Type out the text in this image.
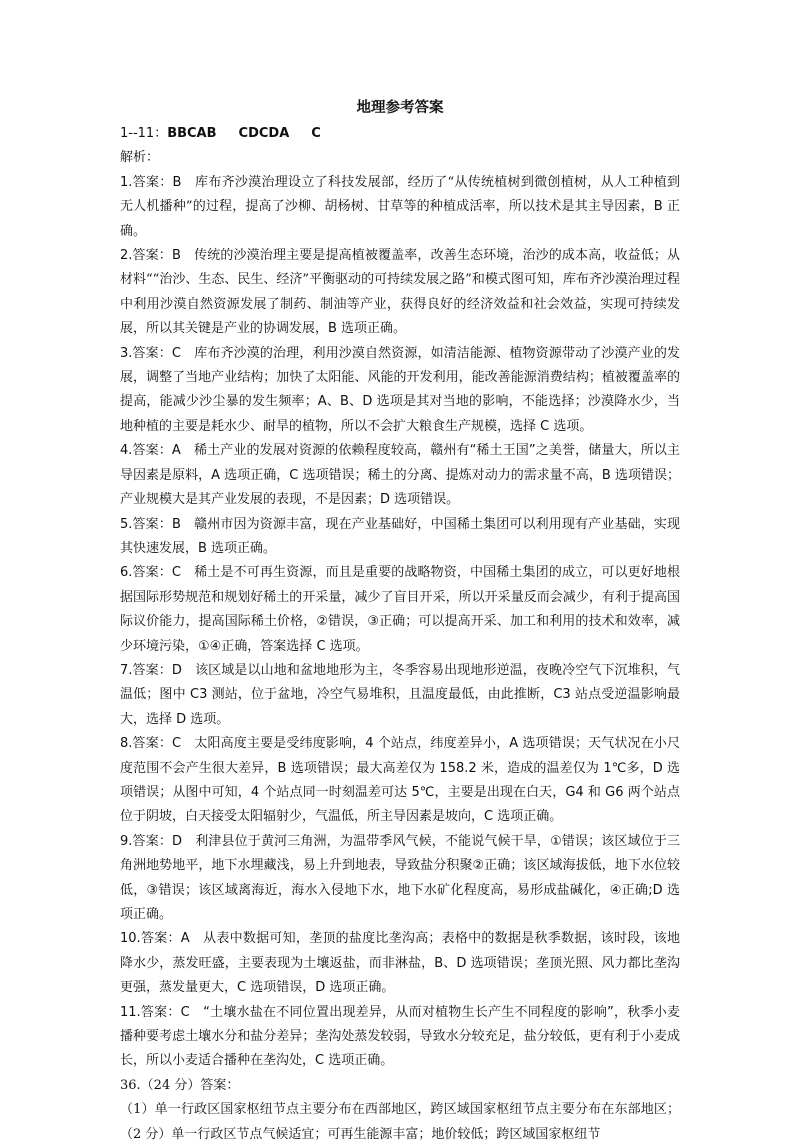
地理参考答案
1--11：BBCAB CDCDA C
解析：
1.答案：B　库布齐沙漠治理设立了科技发展部，经历了“从传统植树到微创植树，从人工种植到无人机播种”的过程，提高了沙柳、胡杨树、甘草等的种植成活率，所以技术是其主导因素，B 正确。
2.答案：B　传统的沙漠治理主要是提高植被覆盖率，改善生态环境，治沙的成本高，收益低；从材料““治沙、生态、民生、经济”平衡驱动的可持续发展之路”和模式图可知，库布齐沙漠治理过程中利用沙漠自然资源发展了制药、制油等产业，获得良好的经济效益和社会效益，实现可持续发展，所以其关键是产业的协调发展，B 选项正确。
3.答案：C　库布齐沙漠的治理，利用沙漠自然资源，如清洁能源、植物资源带动了沙漠产业的发展，调整了当地产业结构；加快了太阳能、风能的开发利用，能改善能源消费结构；植被覆盖率的提高，能减少沙尘暴的发生频率；A、B、D 选项是其对当地的影响，不能选择；沙漠降水少，当地种植的主要是耗水少、耐旱的植物，所以不会扩大粮食生产规模，选择 C 选项。
4.答案：A　稀土产业的发展对资源的依赖程度较高，赣州有“稀土王国”之美誉，储量大，所以主导因素是原料，A 选项正确，C 选项错误；稀土的分离、提炼对动力的需求量不高，B 选项错误；产业规模大是其产业发展的表现，不是因素；D 选项错误。
5.答案：B　赣州市因为资源丰富，现在产业基础好，中国稀土集团可以利用现有产业基础，实现其快速发展，B 选项正确。
6.答案：C　稀土是不可再生资源，而且是重要的战略物资，中国稀土集团的成立，可以更好地根据国际形势规范和规划好稀土的开采量，减少了盲目开采，所以开采量反而会减少，有利于提高国际议价能力，提高国际稀土价格，②错误，③正确；可以提高开采、加工和利用的技术和效率，减少环境污染，①④正确，答案选择 C 选项。
7.答案：D　该区域是以山地和盆地地形为主，冬季容易出现地形逆温，夜晚冷空气下沉堆积，气温低；图中 C3 测站，位于盆地，冷空气易堆积，且温度最低，由此推断，C3 站点受逆温影响最大，选择 D 选项。
8.答案：C　太阳高度主要是受纬度影响，4 个站点，纬度差异小，A 选项错误；天气状况在小尺度范围不会产生很大差异，B 选项错误；最大高差仅为 158.2 米，造成的温差仅为 1℃多，D 选项错误；从图中可知，4 个站点同一时刻温差可达 5℃，主要是出现在白天，G4 和 G6 两个站点位于阴坡，白天接受太阳辐射少，气温低，所主导因素是坡向，C 选项正确。
9.答案：D　利津县位于黄河三角洲，为温带季风气候，不能说气候干旱，①错误；该区域位于三角洲地势地平，地下水埋藏浅，易上升到地表，导致盐分积聚②正确；该区域海拔低，地下水位较低，③错误；该区域离海近，海水入侵地下水，地下水矿化程度高，易形成盐碱化，④正确;D 选项正确。
10.答案：A　从表中数据可知，垄顶的盐度比垄沟高；表格中的数据是秋季数据，该时段，该地降水少，蒸发旺盛，主要表现为土壤返盐，而非淋盐，B、D 选项错误；垄顶光照、风力都比垄沟更强，蒸发量更大，C 选项错误，D 选项正确。
11.答案：C　“土壤水盐在不同位置出现差异，从而对植物生长产生不同程度的影响”，秋季小麦播种要考虑土壤水分和盐分差异；垄沟处蒸发较弱，导致水分较充足，盐分较低，更有利于小麦成长，所以小麦适合播种在垄沟处，C 选项正确。
36.（24 分）答案：
（1）单一行政区国家枢纽节点主要分布在西部地区，跨区域国家枢纽节点主要分布在东部地区；（2 分）单一行政区节点气候适宜；可再生能源丰富；地价较低；跨区域国家枢纽节
